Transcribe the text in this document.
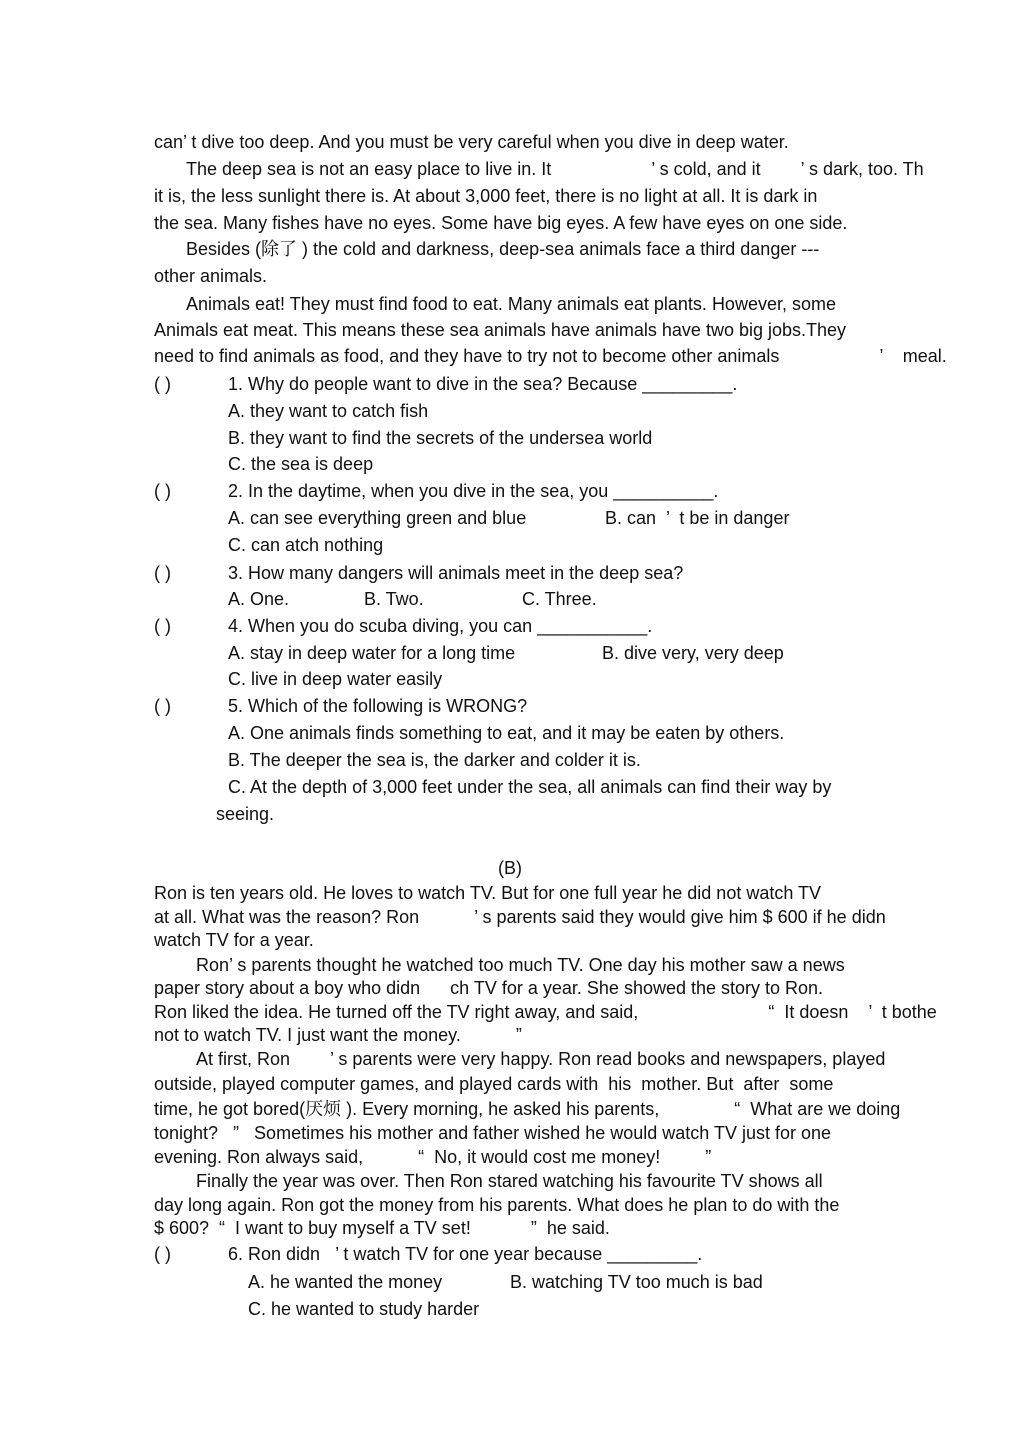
can’ t dive too deep. And you must be very careful when you dive in deep water.
The deep sea is not an easy place to live in. It                    ’ s cold, and it        ’ s dark, too. Th
it is, the less sunlight there is. At about 3,000 feet, there is no light at all. It is dark in
the sea. Many fishes have no eyes. Some have big eyes. A few have eyes on one side.
Besides (除了 ) the cold and darkness, deep-sea animals face a third danger ---
other animals.
Animals eat! They must find food to eat. Many animals eat plants. However, some
Animals eat meat. This means these sea animals have animals have two big jobs.They
need to find animals as food, and they have to try not to become other animals                    ’    meal.
( )	1. Why do people want to dive in the sea? Because _________.
A. they want to catch fish
B. they want to find the secrets of the undersea world
C. the sea is deep
( )	2. In the daytime, when you dive in the sea, you __________.
A. can see everything green and blue	B. can  ’  t be in danger
C. can atch nothing
( )	3. How many dangers will animals meet in the deep sea?
A. One.	B. Two.	C. Three.
( )	4. When you do scuba diving, you can ___________.
A. stay in deep water for a long time	B. dive very, very deep
C. live in deep water easily
( )	5. Which of the following is WRONG?
A. One animals finds something to eat, and it may be eaten by others.
B. The deeper the sea is, the darker and colder it is.
C. At the depth of 3,000 feet under the sea, all animals can find their way by
seeing.
(B)
Ron is ten years old. He loves to watch TV. But for one full year he did not watch TV
at all. What was the reason? Ron           ’ s parents said they would give him $ 600 if he didn
watch TV for a year.
Ron’ s parents thought he watched too much TV. One day his mother saw a news
paper story about a boy who didn      ch TV for a year. She showed the story to Ron.
Ron liked the idea. He turned off the TV right away, and said,                          “  It doesn    ’  t bothe
not to watch TV. I just want the money.           ”
At first, Ron        ’ s parents were very happy. Ron read books and newspapers, played
outside, played computer games, and played cards with  his  mother. But  after  some
time, he got bored(厌烦 ). Every morning, he asked his parents,               “  What are we doing
tonight?   ”   Sometimes his mother and father wished he would watch TV just for one
evening. Ron always said,           “  No, it would cost me money!         ”
Finally the year was over. Then Ron stared watching his favourite TV shows all
day long again. Ron got the money from his parents. What does he plan to do with the
$ 600?  “  I want to buy myself a TV set!            ”  he said.
( )	6. Ron didn   ’ t watch TV for one year because _________.
A. he wanted the money	B. watching TV too much is bad
C. he wanted to study harder
